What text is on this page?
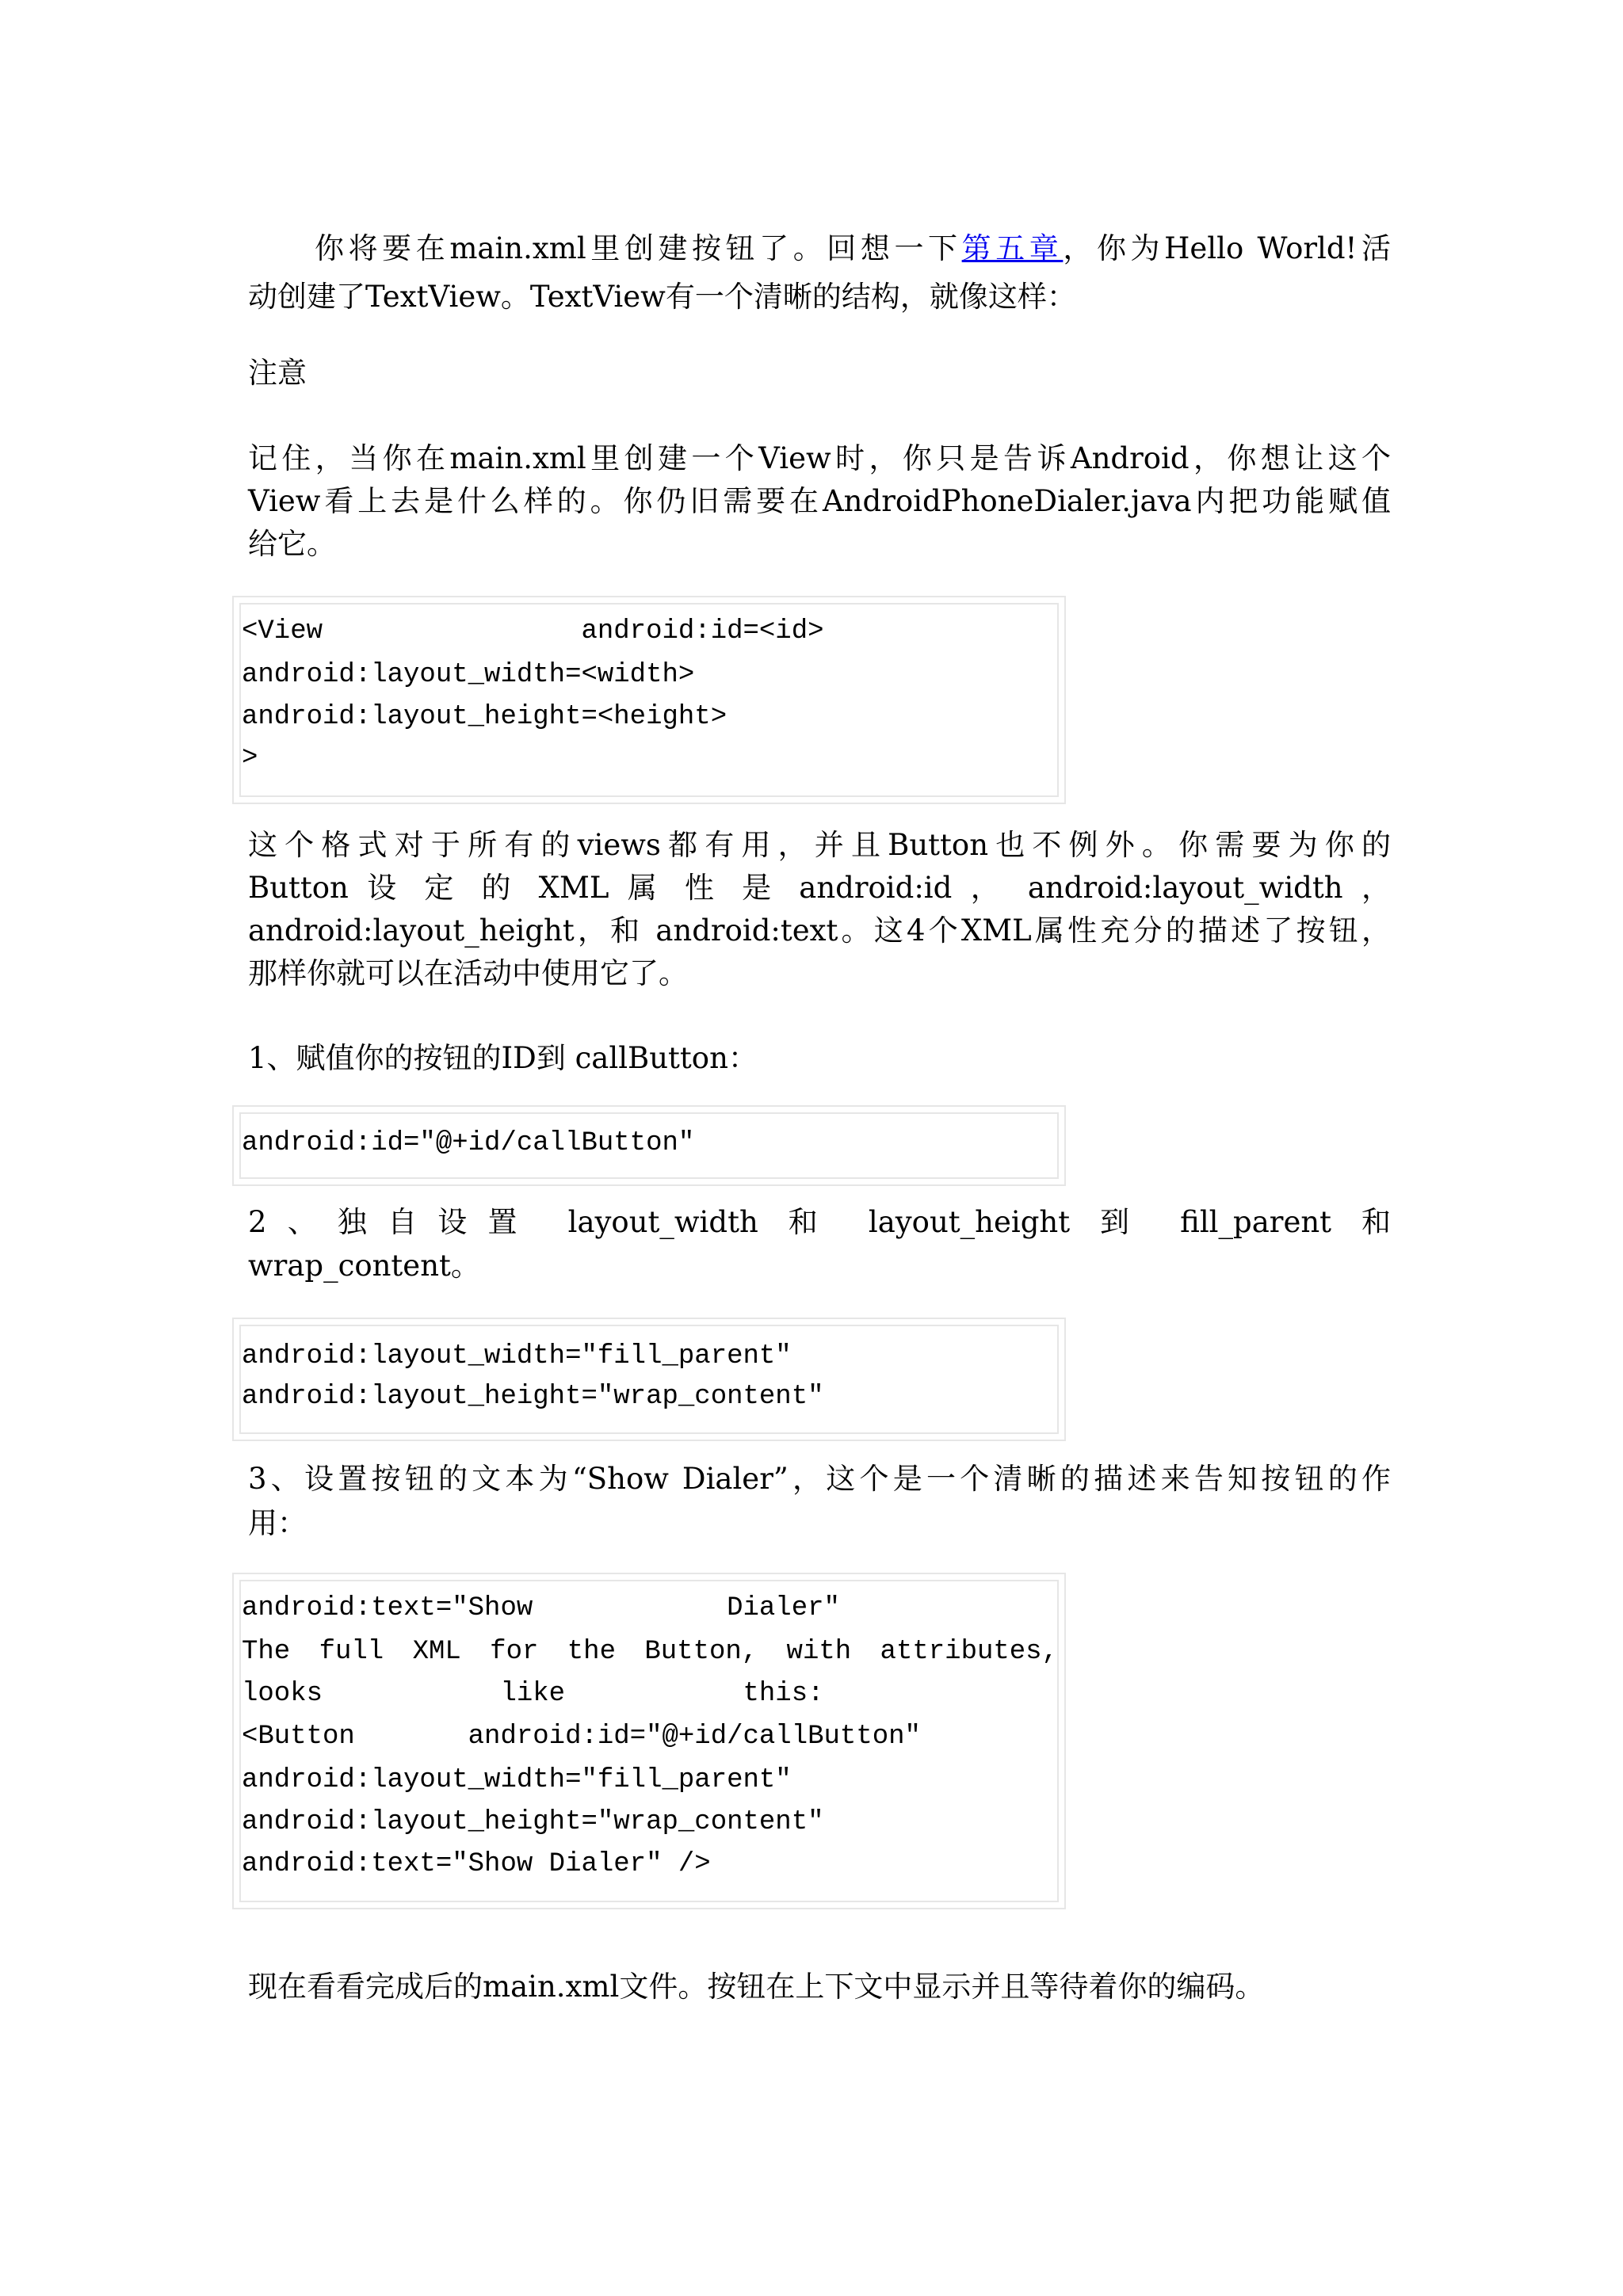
你将要在main.xml里创建按钮了。回想一下第五章，你为Hello World!活
动创建了TextView。TextView有一个清晰的结构，就像这样：
注意
记住，当你在main.xml里创建一个View时，你只是告诉Android，你想让这个
View看上去是什么样的。你仍旧需要在AndroidPhoneDialer.java内把功能赋值
给它。
<View                android:id=<id>
android:layout_width=<width>
android:layout_height=<height>
>
这个格式对于所有的views都有用，并且Button也不例外。你需要为你的
Button 设 定 的 XML 属 性 是 android:id ， android:layout_width ，
android:layout_height，和 android:text。这4个XML属性充分的描述了按钮，
那样你就可以在活动中使用它了。
1、赋值你的按钮的ID到 callButton：
android:id="@+id/callButton"
2、独自设置 layout_width 和 layout_height 到 fill_parent 和
wrap_content。
android:layout_width="fill_parent"
android:layout_height="wrap_content"
3、设置按钮的文本为“Show Dialer”，这个是一个清晰的描述来告知按钮的作
用：
android:text="Show            Dialer"
The full XML for the Button, with attributes,
looks           like           this:
<Button       android:id="@+id/callButton"
android:layout_width="fill_parent"
android:layout_height="wrap_content"
android:text="Show Dialer" />
现在看看完成后的main.xml文件。按钮在上下文中显示并且等待着你的编码。
